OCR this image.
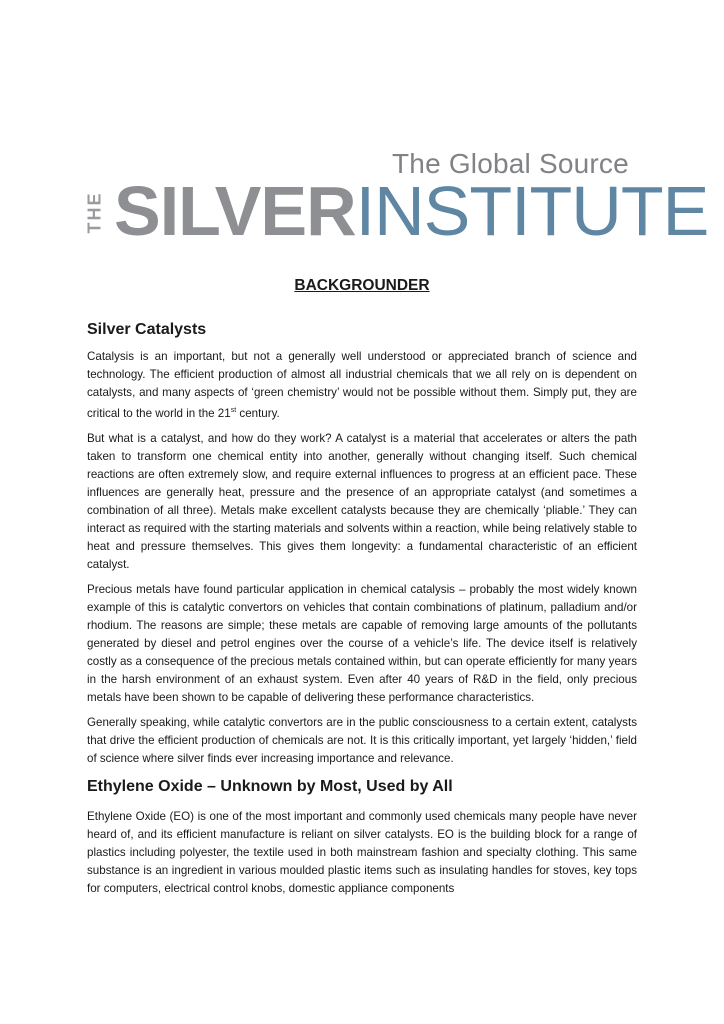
The Global Source
THE SILVERINSTITUTE
BACKGROUNDER
Silver Catalysts

Catalysis is an important, but not a generally well understood or appreciated branch of science and technology. The efficient production of almost all industrial chemicals that we all rely on is dependent on catalysts, and many aspects of ‘green chemistry’ would not be possible without them. Simply put, they are critical to the world in the 21st century.

But what is a catalyst, and how do they work? A catalyst is a material that accelerates or alters the path taken to transform one chemical entity into another, generally without changing itself. Such chemical reactions are often extremely slow, and require external influences to progress at an efficient pace. These influences are generally heat, pressure and the presence of an appropriate catalyst (and sometimes a combination of all three). Metals make excellent catalysts because they are chemically ‘pliable.’ They can interact as required with the starting materials and solvents within a reaction, while being relatively stable to heat and pressure themselves. This gives them longevity: a fundamental characteristic of an efficient catalyst.

Precious metals have found particular application in chemical catalysis – probably the most widely known example of this is catalytic convertors on vehicles that contain combinations of platinum, palladium and/or rhodium. The reasons are simple; these metals are capable of removing large amounts of the pollutants generated by diesel and petrol engines over the course of a vehicle’s life. The device itself is relatively costly as a consequence of the precious metals contained within, but can operate efficiently for many years in the harsh environment of an exhaust system. Even after 40 years of R&D in the field, only precious metals have been shown to be capable of delivering these performance characteristics.

Generally speaking, while catalytic convertors are in the public consciousness to a certain extent, catalysts that drive the efficient production of chemicals are not. It is this critically important, yet largely ‘hidden,’ field of science where silver finds ever increasing importance and relevance.

Ethylene Oxide – Unknown by Most, Used by All

Ethylene Oxide (EO) is one of the most important and commonly used chemicals many people have never heard of, and its efficient manufacture is reliant on silver catalysts. EO is the building block for a range of plastics including polyester, the textile used in both mainstream fashion and specialty clothing. This same substance is an ingredient in various moulded plastic items such as insulating handles for stoves, key tops for computers, electrical control knobs, domestic appliance components
